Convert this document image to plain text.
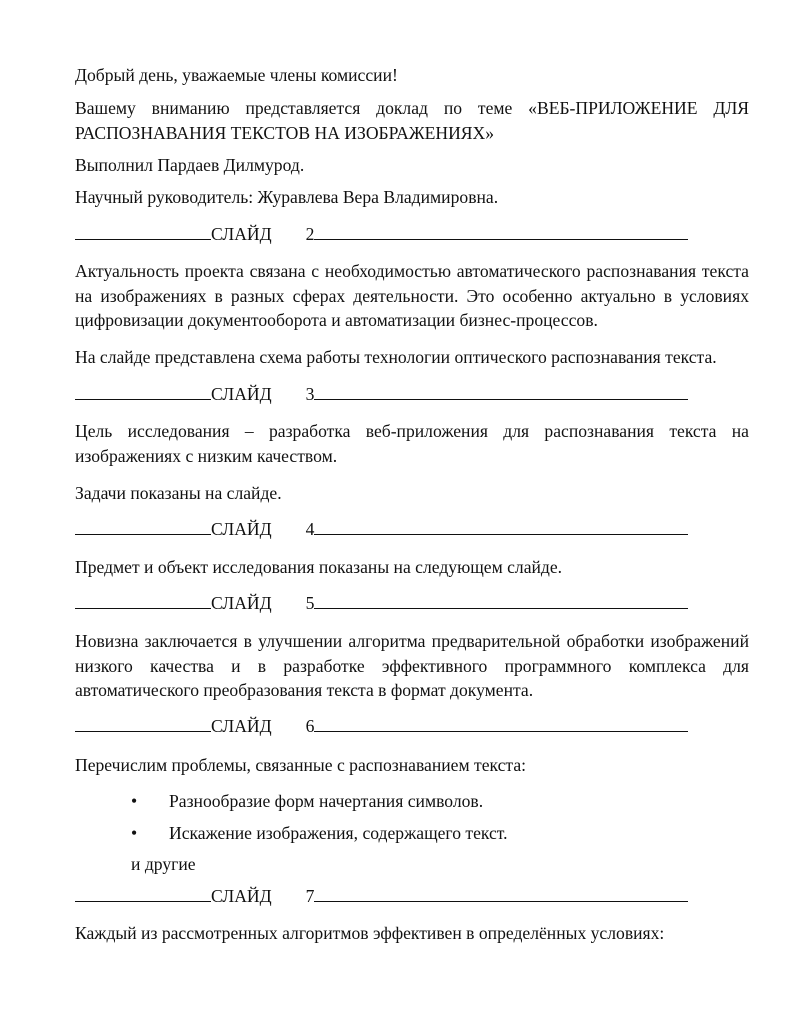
Добрый день, уважаемые члены комиссии!

Вашему вниманию представляется доклад по теме «ВЕБ-ПРИЛОЖЕНИЕ ДЛЯ РАСПОЗНАВАНИЯ ТЕКСТОВ НА ИЗОБРАЖЕНИЯХ»

Выполнил Пардаев Дилмурод.

Научный руководитель: Журавлева Вера Владимировна.

СЛАЙД 2

Актуальность проекта связана с необходимостью автоматического распознавания текста на изображениях в разных сферах деятельности. Это особенно актуально в условиях цифровизации документооборота и автоматизации бизнес-процессов.

На слайде представлена схема работы технологии оптического распознавания текста.

СЛАЙД 3

Цель исследования – разработка веб-приложения для распознавания текста на изображениях с низким качеством.

Задачи показаны на слайде.

СЛАЙД 4

Предмет и объект исследования показаны на следующем слайде.

СЛАЙД 5

Новизна заключается в улучшении алгоритма предварительной обработки изображений низкого качества и в разработке эффективного программного комплекса для автоматического преобразования текста в формат документа.

СЛАЙД 6

Перечислим проблемы, связанные с распознаванием текста:

• Разнообразие форм начертания символов.
• Искажение изображения, содержащего текст.
и другие
СЛАЙД 7

Каждый из рассмотренных алгоритмов эффективен в определённых условиях:
